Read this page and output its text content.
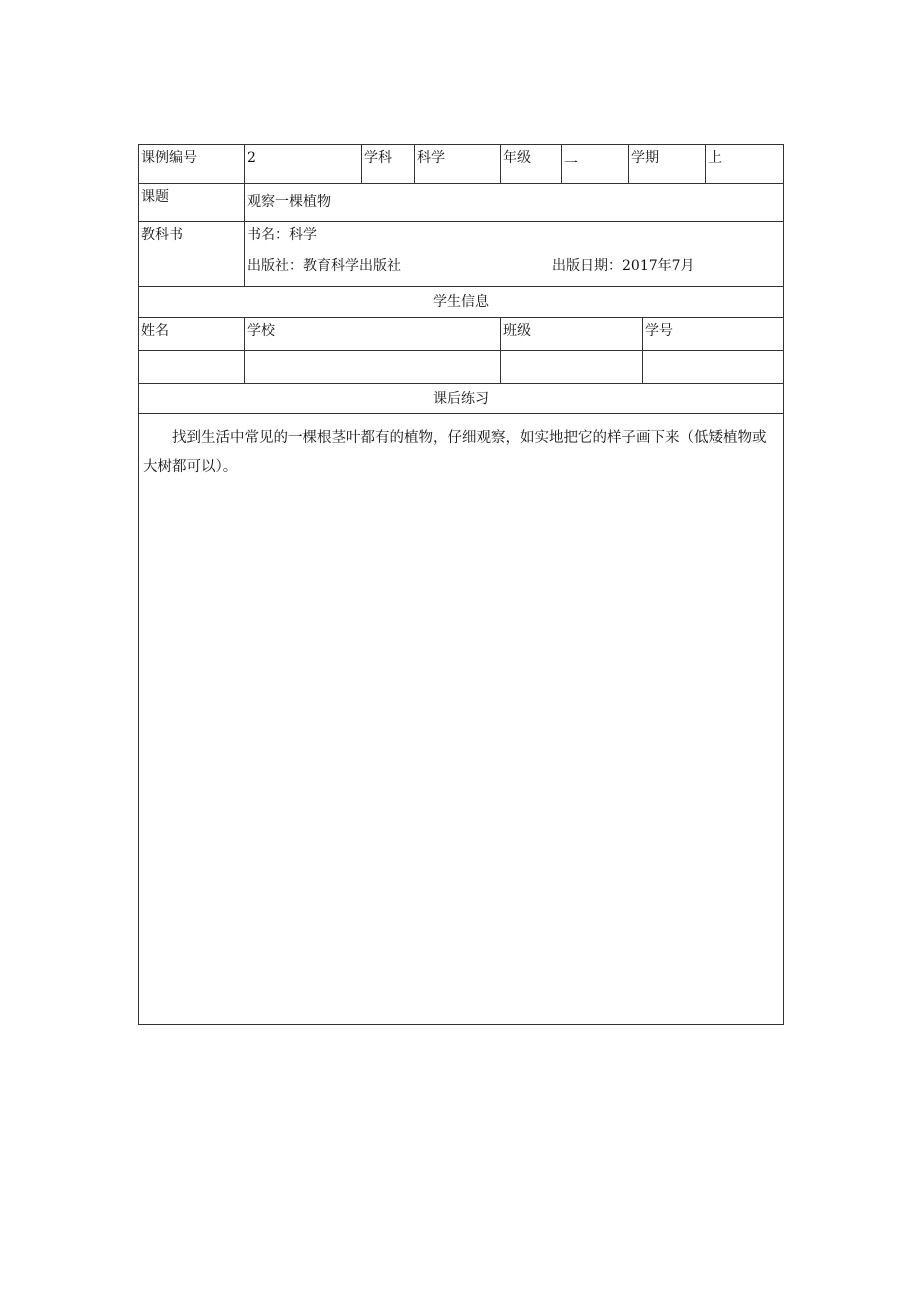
课例编号	2	学科	科学	年级	一	学期		上
课题	观察一棵植物							
教科书	书名：科学
出版社：教育科学出版社 出版日期：2017年7月							

学生信息								
姓名	学校			班级			学号	

课后练习								

找到生活中常见的一棵根茎叶都有的植物，仔细观察，如实地把它的样子画下来（低矮植物或大树都可以）。								
